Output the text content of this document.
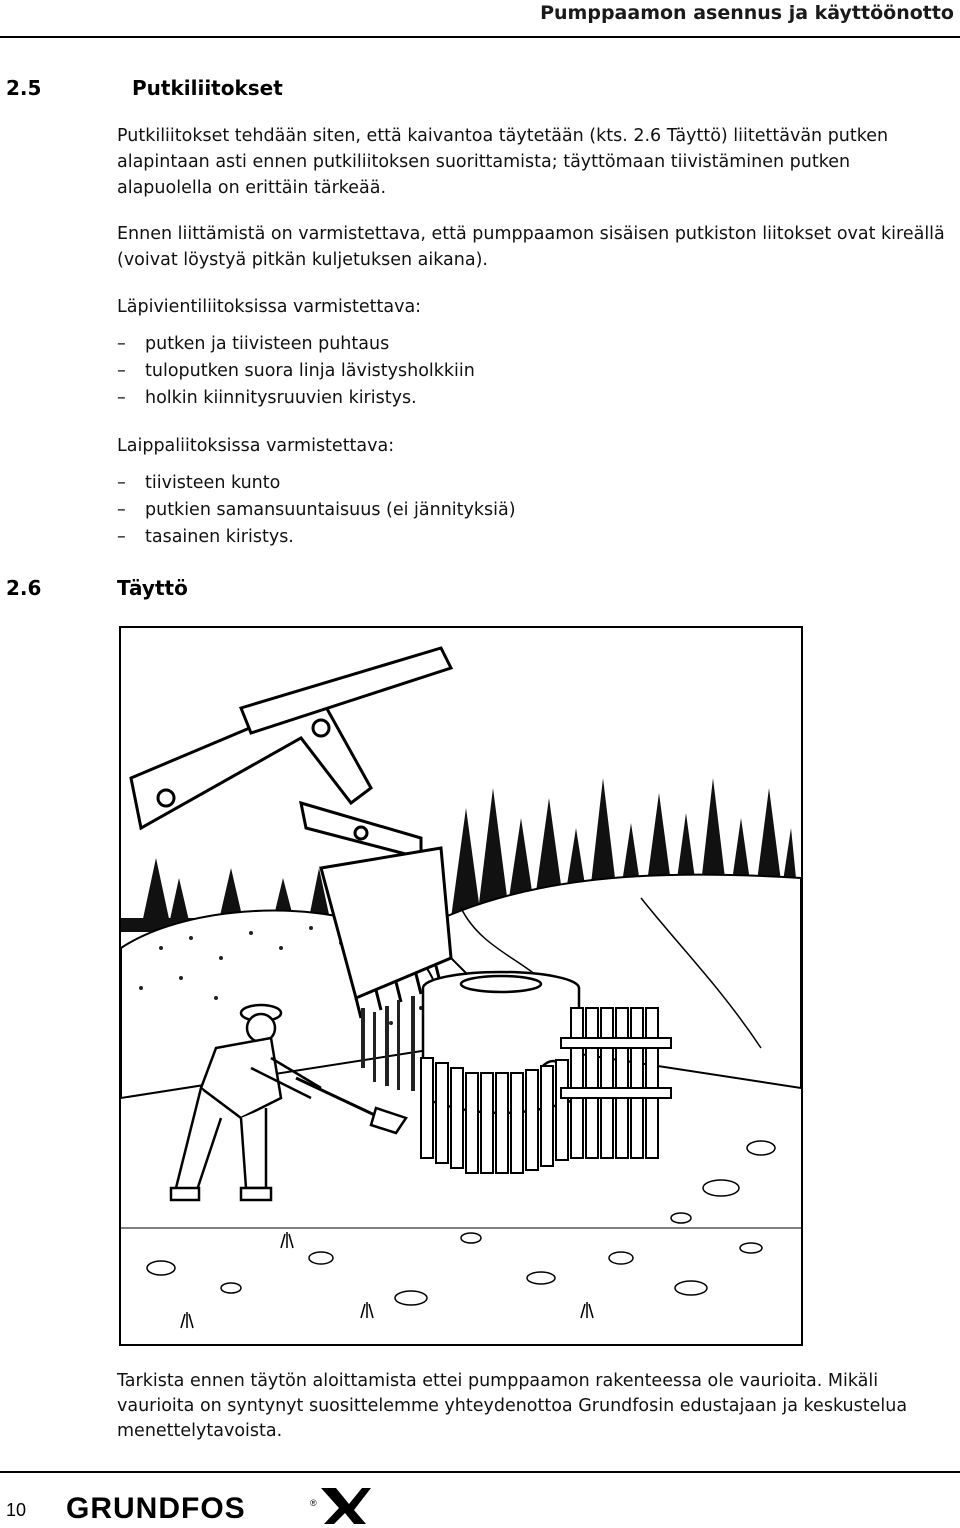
Pumppaamon asennus ja käyttöönotto
2.5	Putkiliitokset
Putkiliitokset tehdään siten, että kaivantoa täytetään (kts. 2.6 Täyttö) liitettävän putken alapintaan asti ennen putkiliitoksen suorittamista; täyttömaan tiivistäminen putken alapuolella on erittäin tärkeää.
Ennen liittämistä on varmistettava, että pumppaamon sisäisen putkiston liitokset ovat kireällä (voivat löystyä pitkän kuljetuksen aikana).
Läpivientiliitoksissa varmistettava:
– putken ja tiivisteen puhtaus
– tuloputken suora linja lävistysholkkiin
– holkin kiinnitysruuvien kiristys.
Laippaliitoksissa varmistettava:
– tiivisteen kunto
– putkien samansuuntaisuus (ei jännityksiä)
– tasainen kiristys.
2.6	Täyttö
Tarkista ennen täytön aloittamista ettei pumppaamon rakenteessa ole vaurioita. Mikäli vaurioita on syntynyt suosittelemme yhteydenottoa Grundfosin edustajaan ja keskustelua menettelytavoista.
10 GRUNDFOS	®
